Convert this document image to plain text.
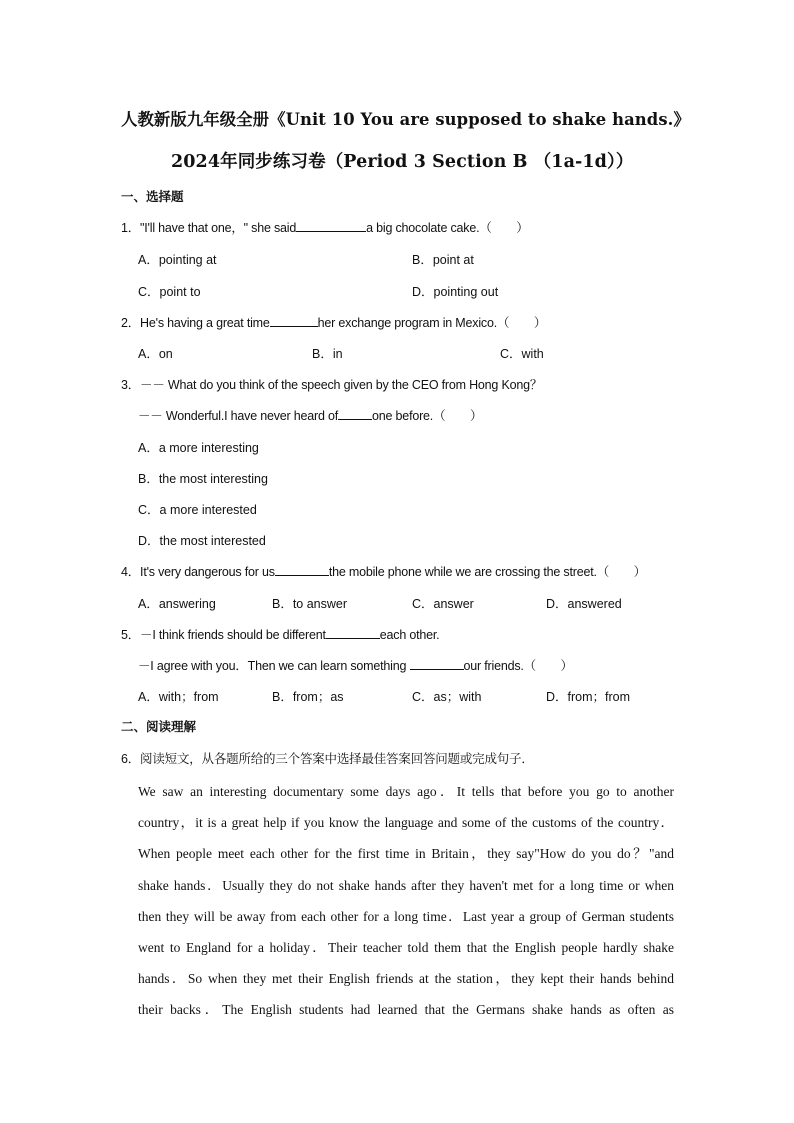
人教新版九年级全册《Unit 10 You are supposed to shake hands.》
2024年同步练习卷（Period 3 Section B （1a-1d））
一、选择题
1．"I'll have that one，" she said	a big chocolate cake.（　　）
A．pointing at	B．point at
C．point to	D．pointing out
2．He's having a great time	her exchange program in Mexico.（　　）
A．on	B．in	C．with
3．－－ What do you think of the speech given by the CEO from Hong Kong？
－－ Wonderful.I have never heard of	one before.（　　）
A．a more interesting
B．the most interesting
C．a more interested
D．the most interested
4．It's very dangerous for us	the mobile phone while we are crossing the street.（　　）
A．answering	B．to answer	C．answer	D．answered
5．－I think friends should be different	each other.
－I agree with you．Then we can learn something	our friends.（　　）
A．with；from	B．from；as	C．as；with	D．from；from
二、阅读理解
6．阅读短文，从各题所给的三个答案中选择最佳答案回答问题或完成句子．
We saw an interesting documentary some days ago．It tells that before you go to another
country，it is a great help if you know the language and some of the customs of the country．
When people meet each other for the first time in Britain，they say"How do you do？"and
shake hands．Usually they do not shake hands after they haven't met for a long time or when
then they will be away from each other for a long time．Last year a group of German students
went to England for a holiday．Their teacher told them that the English people hardly shake
hands．So when they met their English friends at the station，they kept their hands behind
their backs．The English students had learned that the Germans shake hands as often as
